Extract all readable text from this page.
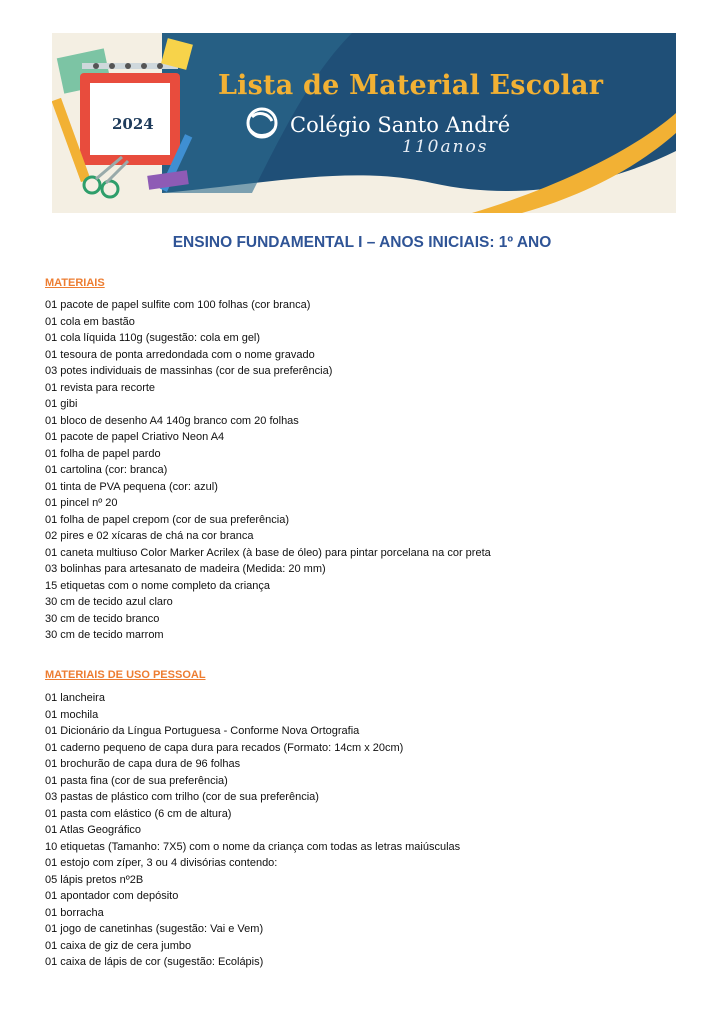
Lista de Material Escolar
2024	Colégio Santo André
110anos
ENSINO FUNDAMENTAL I – ANOS INICIAIS: 1º ANO
MATERIAIS
01 pacote de papel sulfite com 100 folhas (cor branca)
01 cola em bastão
01 cola líquida 110g (sugestão: cola em gel)
01 tesoura de ponta arredondada com o nome gravado
03 potes individuais de massinhas (cor de sua preferência)
01 revista para recorte
01 gibi
01 bloco de desenho A4 140g branco com 20 folhas
01 pacote de papel Criativo Neon A4
01 folha de papel pardo
01 cartolina (cor: branca)
01 tinta de PVA pequena (cor: azul)
01 pincel nº 20
01 folha de papel crepom (cor de sua preferência)
02 pires e 02 xícaras de chá na cor branca
01 caneta multiuso Color Marker Acrilex (à base de óleo) para pintar porcelana na cor preta
03 bolinhas para artesanato de madeira (Medida: 20 mm)
15 etiquetas com o nome completo da criança
30 cm de tecido azul claro
30 cm de tecido branco
30 cm de tecido marrom
MATERIAIS DE USO PESSOAL
01 lancheira
01 mochila
01 Dicionário da Língua Portuguesa - Conforme Nova Ortografia
01 caderno pequeno de capa dura para recados (Formato: 14cm x 20cm)
01 brochurão de capa dura de 96 folhas
01 pasta fina (cor de sua preferência)
03 pastas de plástico com trilho (cor de sua preferência)
01 pasta com elástico (6 cm de altura)
01 Atlas Geográfico
10 etiquetas (Tamanho: 7X5) com o nome da criança com todas as letras maiúsculas
01 estojo com zíper, 3 ou 4 divisórias contendo:
05 lápis pretos nº2B
01 apontador com depósito
01 borracha
01 jogo de canetinhas (sugestão: Vai e Vem)
01 caixa de giz de cera jumbo
01 caixa de lápis de cor (sugestão: Ecolápis)
